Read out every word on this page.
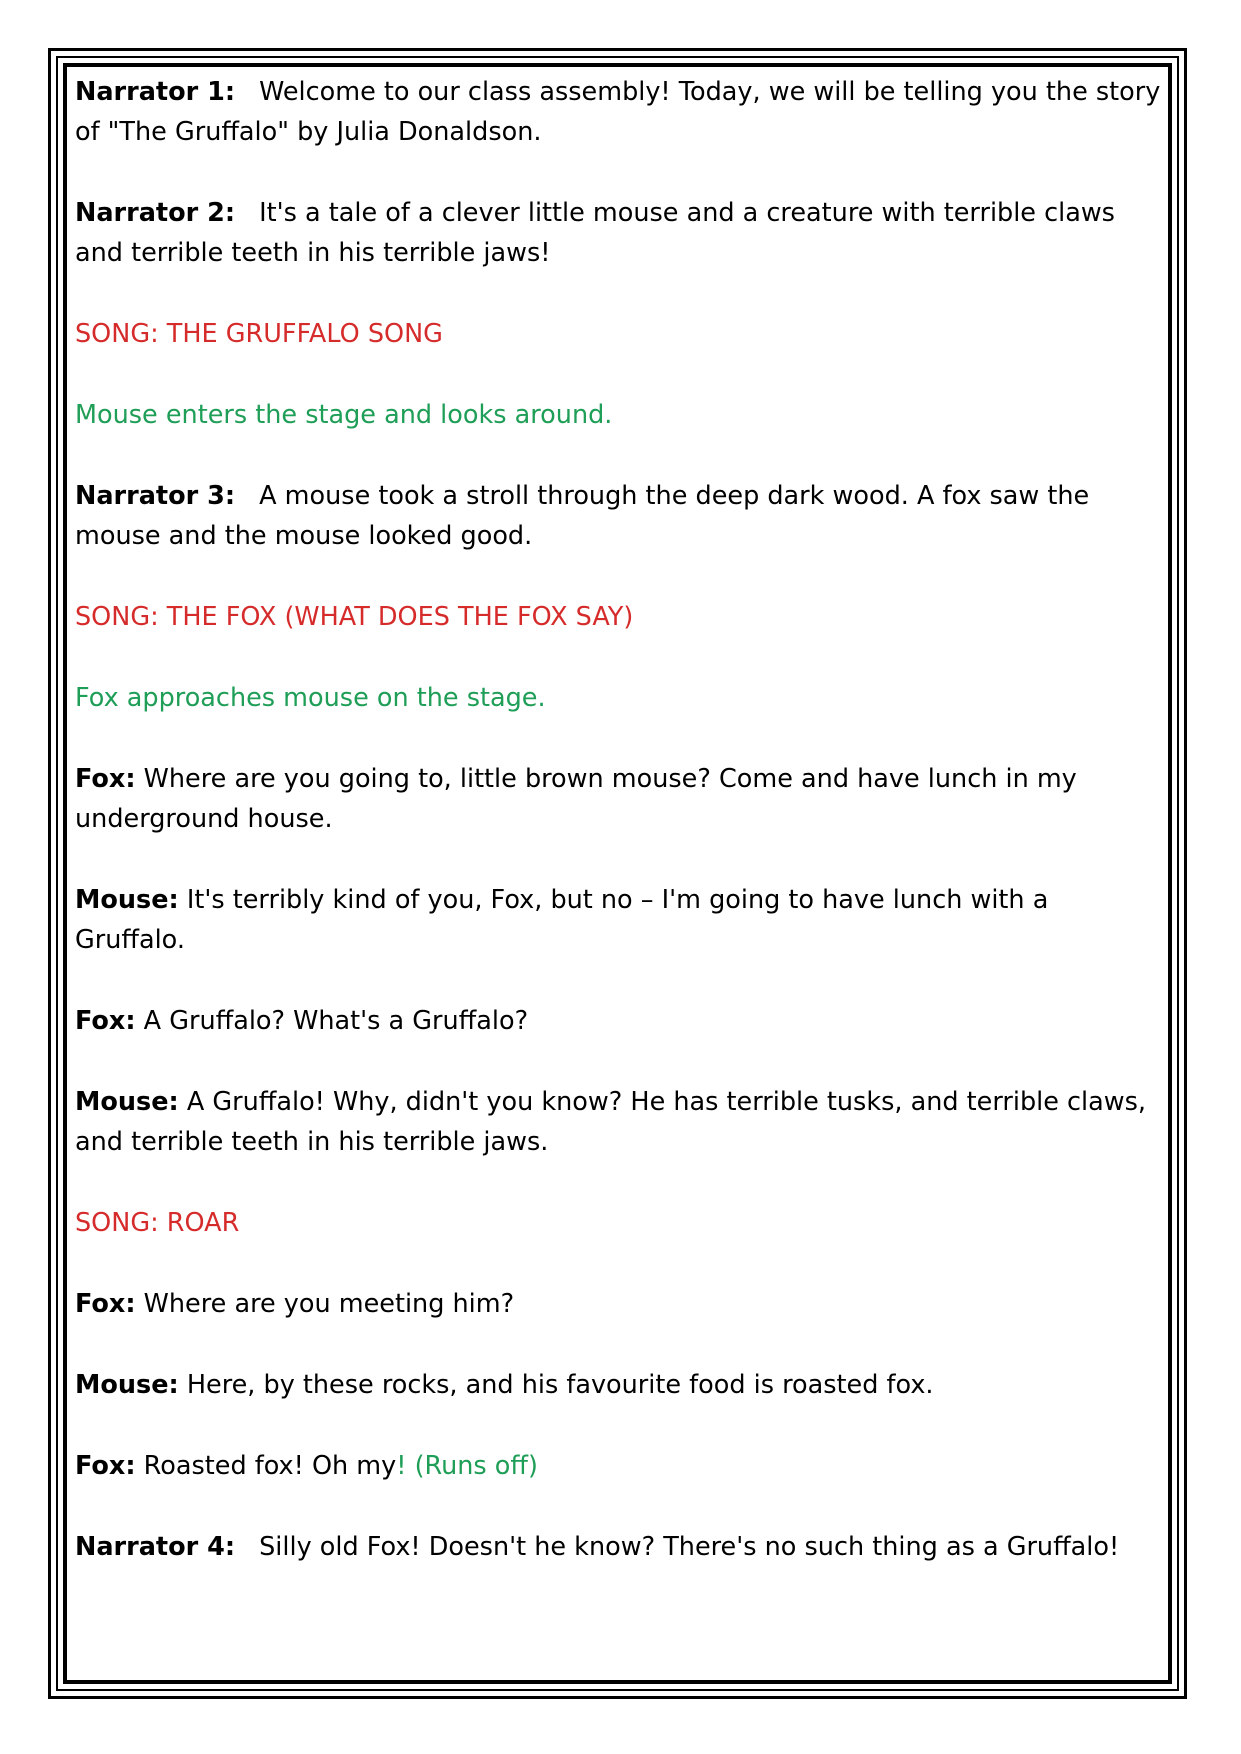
Narrator 1: Welcome to our class assembly! Today, we will be telling you the story of "The Gruffalo" by Julia Donaldson.
Narrator 2: It's a tale of a clever little mouse and a creature with terrible claws and terrible teeth in his terrible jaws!
SONG: THE GRUFFALO SONG
Mouse enters the stage and looks around.
Narrator 3: A mouse took a stroll through the deep dark wood. A fox saw the mouse and the mouse looked good.
SONG: THE FOX (WHAT DOES THE FOX SAY)
Fox approaches mouse on the stage.
Fox: Where are you going to, little brown mouse? Come and have lunch in my underground house.
Mouse: It's terribly kind of you, Fox, but no – I'm going to have lunch with a Gruffalo.
Fox: A Gruffalo? What's a Gruffalo?
Mouse: A Gruffalo! Why, didn't you know? He has terrible tusks, and terrible claws, and terrible teeth in his terrible jaws.
SONG: ROAR
Fox: Where are you meeting him?
Mouse: Here, by these rocks, and his favourite food is roasted fox.
Fox: Roasted fox! Oh my! (Runs off)
Narrator 4: Silly old Fox! Doesn't he know? There's no such thing as a Gruffalo!
